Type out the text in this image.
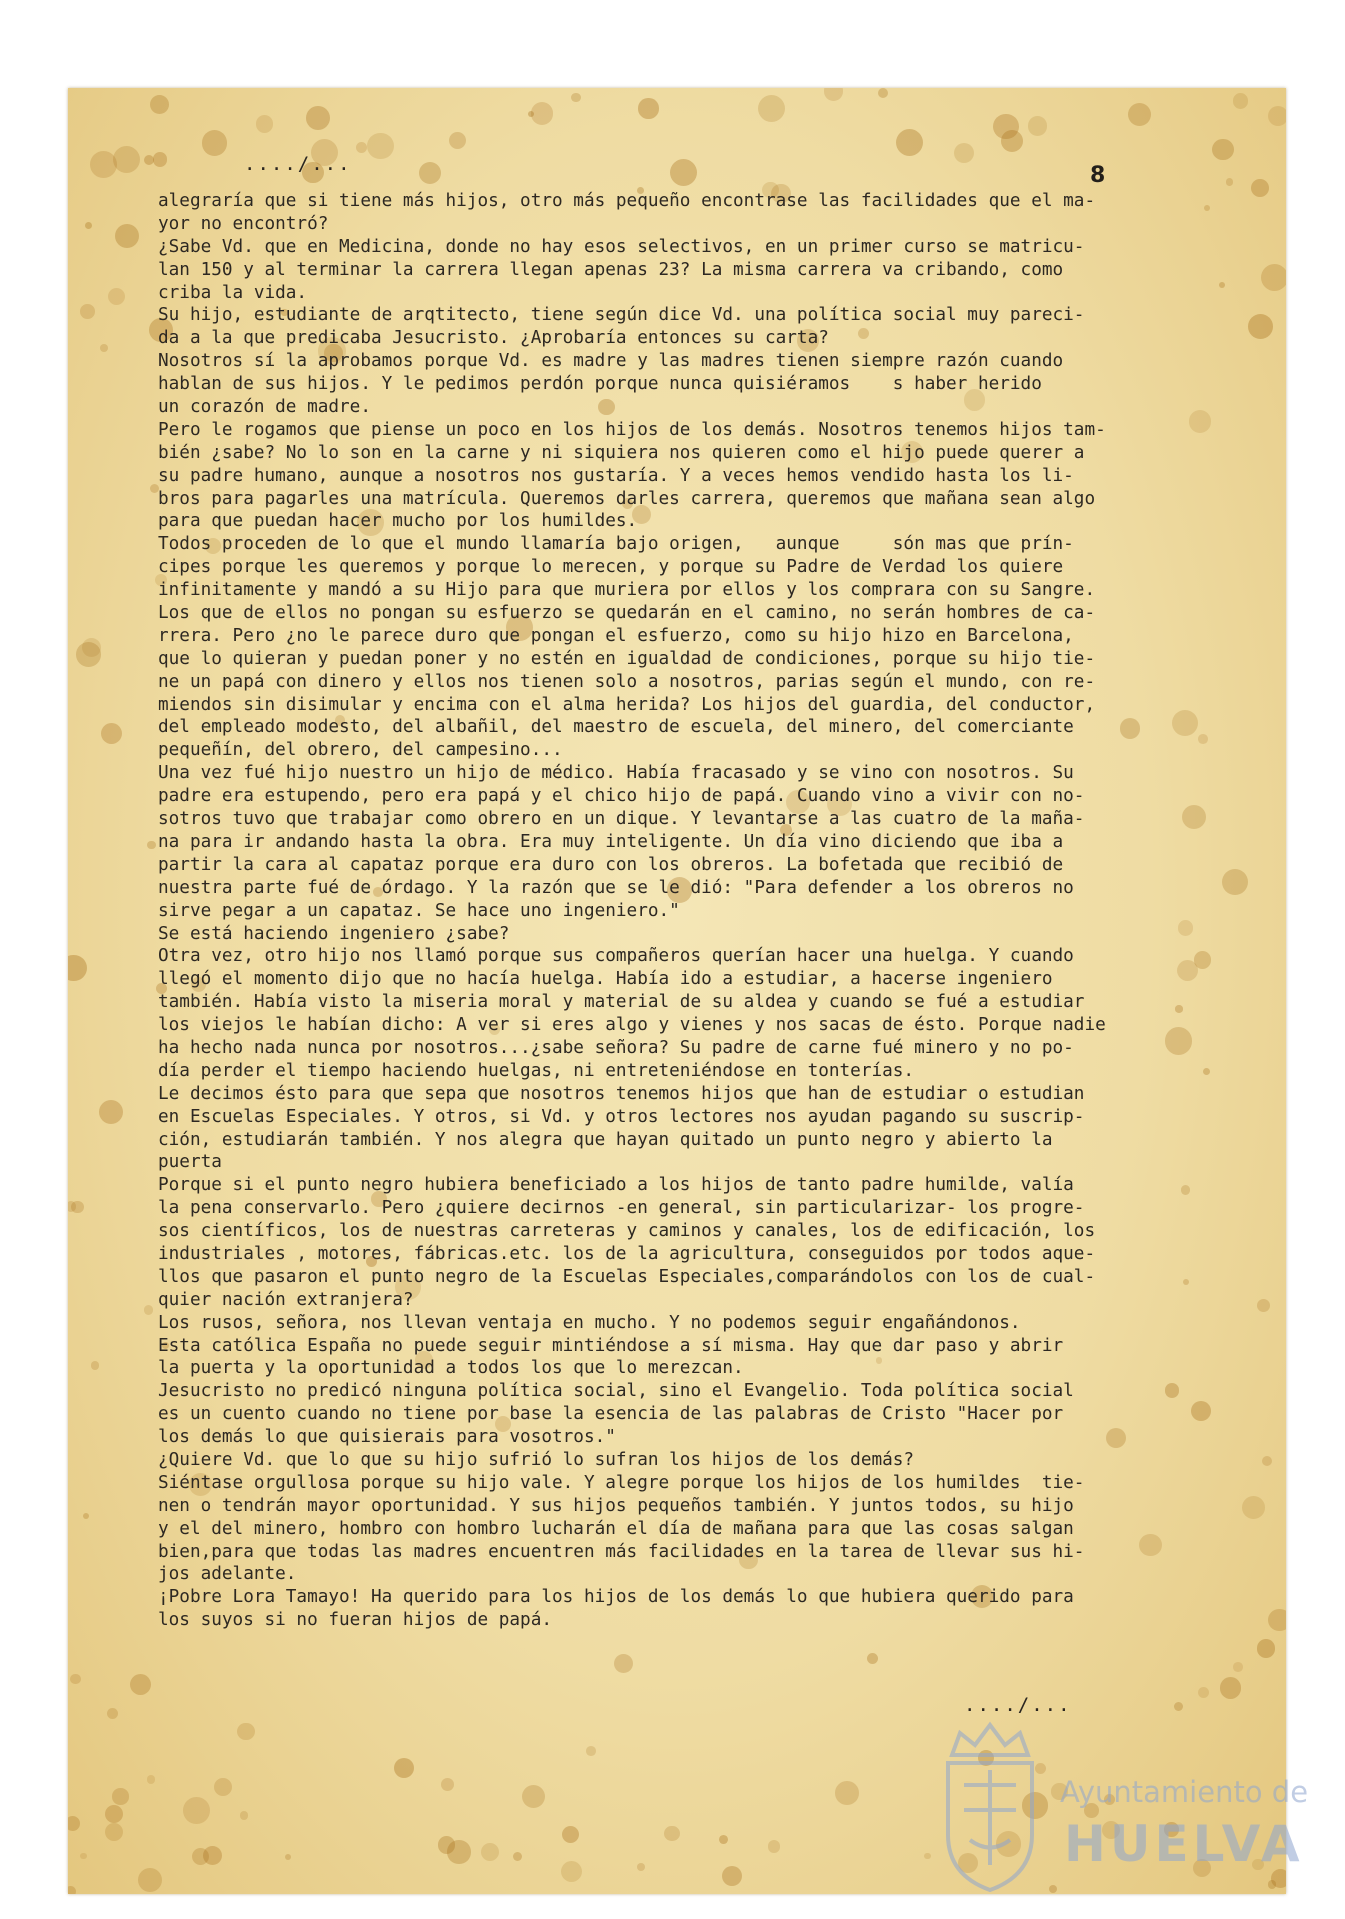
..../...	8
alegraría que si tiene más hijos, otro más pequeño encontrase las facilidades que el ma-
yor no encontró?
¿Sabe Vd. que en Medicina, donde no hay esos selectivos, en un primer curso se matricu-
lan 150 y al terminar la carrera llegan apenas 23? La misma carrera va cribando, como
criba la vida.
Su hijo, estudiante de arqtitecto, tiene según dice Vd. una política social muy pareci-
da a la que predicaba Jesucristo. ¿Aprobaría entonces su carta?
Nosotros sí la aprobamos porque Vd. es madre y las madres tienen siempre razón cuando
hablan de sus hijos. Y le pedimos perdón porque nunca quisiéramos    s haber herido
un corazón de madre.
Pero le rogamos que piense un poco en los hijos de los demás. Nosotros tenemos hijos tam-
bién ¿sabe? No lo son en la carne y ni siquiera nos quieren como el hijo puede querer a
su padre humano, aunque a nosotros nos gustaría. Y a veces hemos vendido hasta los li-
bros para pagarles una matrícula. Queremos darles carrera, queremos que mañana sean algo
para que puedan hacer mucho por los humildes.
Todos proceden de lo que el mundo llamaría bajo origen,   aunque     són mas que prín-
cipes porque les queremos y porque lo merecen, y porque su Padre de Verdad los quiere
infinitamente y mandó a su Hijo para que muriera por ellos y los comprara con su Sangre.
Los que de ellos no pongan su esfuerzo se quedarán en el camino, no serán hombres de ca-
rrera. Pero ¿no le parece duro que pongan el esfuerzo, como su hijo hizo en Barcelona,
que lo quieran y puedan poner y no estén en igualdad de condiciones, porque su hijo tie-
ne un papá con dinero y ellos nos tienen solo a nosotros, parias según el mundo, con re-
miendos sin disimular y encima con el alma herida? Los hijos del guardia, del conductor,
del empleado modesto, del albañil, del maestro de escuela, del minero, del comerciante
pequeñín, del obrero, del campesino...
Una vez fué hijo nuestro un hijo de médico. Había fracasado y se vino con nosotros. Su
padre era estupendo, pero era papá y el chico hijo de papá. Cuando vino a vivir con no-
sotros tuvo que trabajar como obrero en un dique. Y levantarse a las cuatro de la maña-
na para ir andando hasta la obra. Era muy inteligente. Un día vino diciendo que iba a
partir la cara al capataz porque era duro con los obreros. La bofetada que recibió de
nuestra parte fué de órdago. Y la razón que se le dió: "Para defender a los obreros no
sirve pegar a un capataz. Se hace uno ingeniero."
Se está haciendo ingeniero ¿sabe?
Otra vez, otro hijo nos llamó porque sus compañeros querían hacer una huelga. Y cuando
llegó el momento dijo que no hacía huelga. Había ido a estudiar, a hacerse ingeniero
también. Había visto la miseria moral y material de su aldea y cuando se fué a estudiar
los viejos le habían dicho: A ver si eres algo y vienes y nos sacas de ésto. Porque nadie
ha hecho nada nunca por nosotros...¿sabe señora? Su padre de carne fué minero y no po-
día perder el tiempo haciendo huelgas, ni entreteniéndose en tonterías.
Le decimos ésto para que sepa que nosotros tenemos hijos que han de estudiar o estudian
en Escuelas Especiales. Y otros, si Vd. y otros lectores nos ayudan pagando su suscrip-
ción, estudiarán también. Y nos alegra que hayan quitado un punto negro y abierto la
puerta
Porque si el punto negro hubiera beneficiado a los hijos de tanto padre humilde, valía
la pena conservarlo. Pero ¿quiere decirnos -en general, sin particularizar- los progre-
sos científicos, los de nuestras carreteras y caminos y canales, los de edificación, los
industriales , motores, fábricas.etc. los de la agricultura, conseguidos por todos aque-
llos que pasaron el punto negro de la Escuelas Especiales,comparándolos con los de cual-
quier nación extranjera?
Los rusos, señora, nos llevan ventaja en mucho. Y no podemos seguir engañándonos.
Esta católica España no puede seguir mintiéndose a sí misma. Hay que dar paso y abrir
la puerta y la oportunidad a todos los que lo merezcan.
Jesucristo no predicó ninguna política social, sino el Evangelio. Toda política social
es un cuento cuando no tiene por base la esencia de las palabras de Cristo "Hacer por
los demás lo que quisierais para vosotros."
¿Quiere Vd. que lo que su hijo sufrió lo sufran los hijos de los demás?
Siéntase orgullosa porque su hijo vale. Y alegre porque los hijos de los humildes  tie-
nen o tendrán mayor oportunidad. Y sus hijos pequeños también. Y juntos todos, su hijo
y el del minero, hombro con hombro lucharán el día de mañana para que las cosas salgan
bien,para que todas las madres encuentren más facilidades en la tarea de llevar sus hi-
jos adelante.
¡Pobre Lora Tamayo! Ha querido para los hijos de los demás lo que hubiera querido para
los suyos si no fueran hijos de papá.
..../...
Ayuntamiento de
HUELVA
